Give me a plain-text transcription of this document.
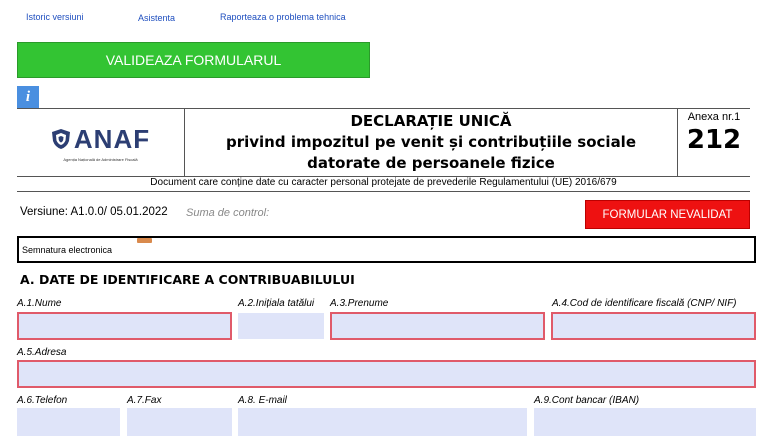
Istoric versiuni	Asistenta	Raporteaza o problema tehnica
VALIDEAZA FORMULARUL
i
ANAF
Agenția Națională de Administrare Fiscală
DECLARAȚIE UNICĂ
privind impozitul pe venit și contribuțiile sociale
datorate de persoanele fizice
Anexa nr.1
212
Document care conține date cu caracter personal protejate de prevederile Regulamentului (UE) 2016/679
Versiune: A1.0.0/ 05.01.2022 Suma de control:	FORMULAR NEVALIDAT
Semnatura electronica
A. DATE DE IDENTIFICARE A CONTRIBUABILULUI
A.1.Nume	A.2.Inițiala tatălui A.3.Prenume	A.4.Cod de identificare fiscală (CNP/ NIF)
A.5.Adresa
A.6.Telefon	A.7.Fax	A.8. E-mail	A.9.Cont bancar (IBAN)
